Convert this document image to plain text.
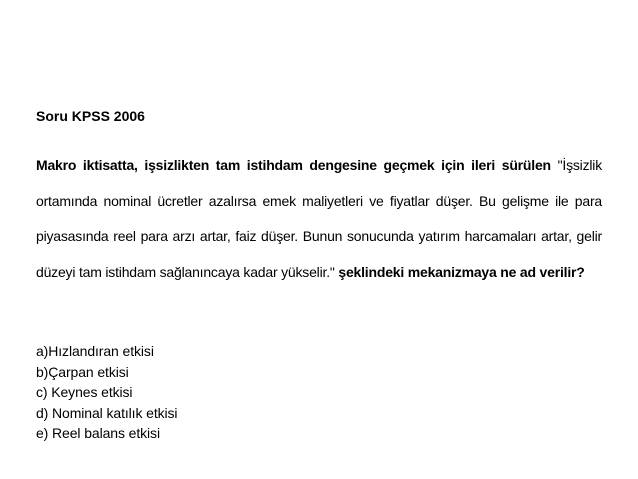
Soru KPSS 2006
Makro iktisatta, işsizlikten tam istihdam dengesine geçmek için ileri sürülen "İşsizlik ortamında nominal ücretler azalırsa emek maliyetleri ve fiyatlar düşer. Bu gelişme ile para piyasasında reel para arzı artar, faiz düşer. Bunun sonucunda yatırım harcamaları artar, gelir düzeyi tam istihdam sağlanıncaya kadar yükselir." şeklindeki mekanizmaya ne ad verilir?
a)Hızlandıran etkisi
b)Çarpan etkisi
c) Keynes etkisi
d) Nominal katılık etkisi
e) Reel balans etkisi
